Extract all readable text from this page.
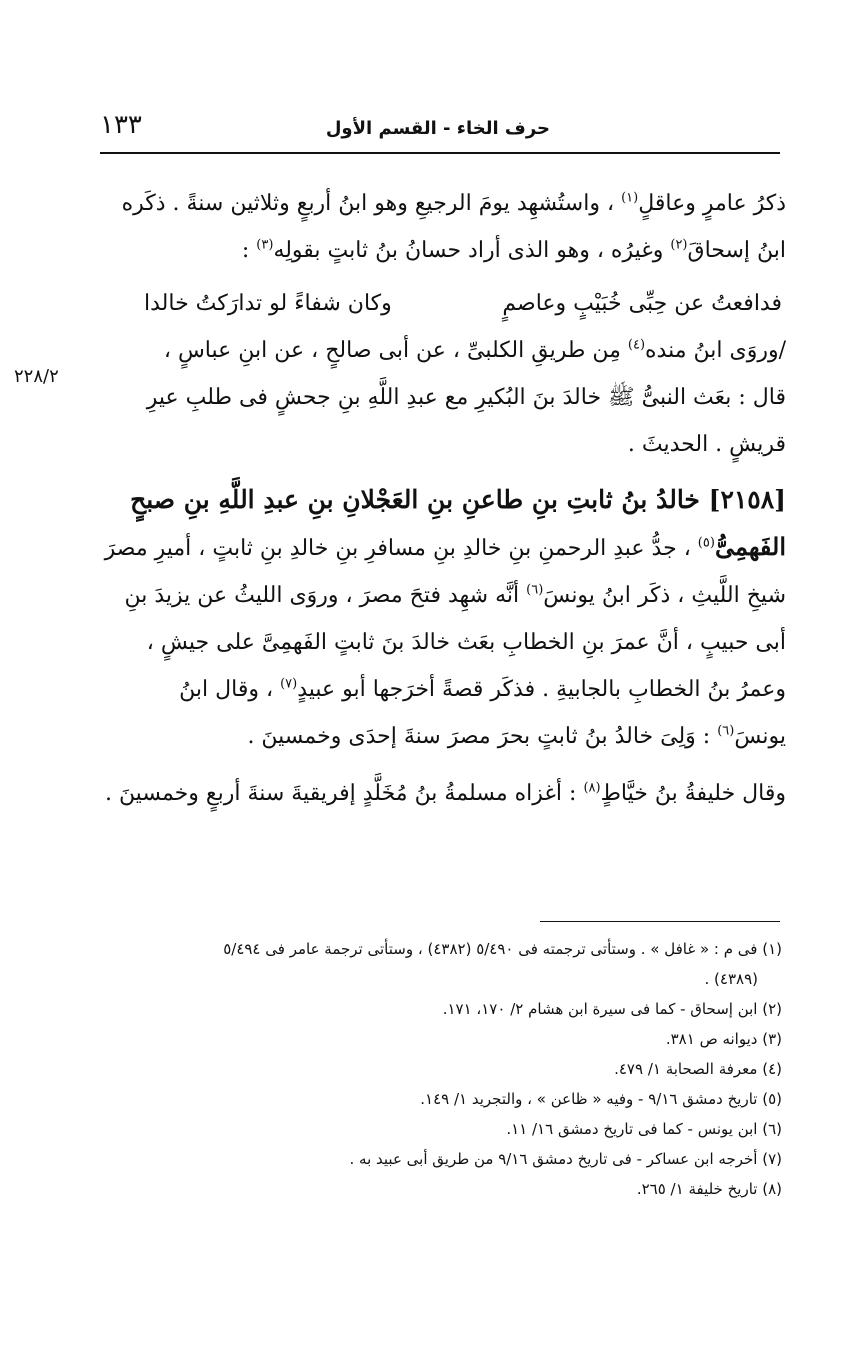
حرف الخاء - القسم الأول
١٣٣
٢٢٨/٢
ذكرُ عامرٍ وعاقلٍ$^{(١)}$ ، واستُشهِد يومَ الرجيعِ وهو ابنُ أربعٍ وثلاثين سنةً . ذكَره
ابنُ إسحاقَ$^{(٢)}$ وغيرُه ، وهو الذى أراد حسانُ بنُ ثابتٍ بقولِه$^{(٣)}$ :
فدافعتُ عن حِبِّى خُبَيْبٍ وعاصمٍ
وكان شفاءً لو تدارَكتُ خالدا
/وروَى ابنُ منده$^{(٤)}$ مِن طريقِ الكلبىِّ ، عن أبى صالحٍ ، عن ابنِ عباسٍ ،
قال : بعَث النبىُّ ﷺ خالدَ بنَ البُكيرِ مع عبدِ اللَّهِ بنِ جحشٍ فى طلبِ عيرِ
قريشٍ . الحديثَ .
[٢١٥٨] خالدُ بنُ ثابتِ بنِ طاعنِ بنِ العَجْلانِ بنِ عبدِ اللَّهِ بنِ صبحٍ
الفَهمِىُّ$^{(٥)}$ ، جدُّ عبدِ الرحمنِ بنِ خالدِ بنِ مسافرِ بنِ خالدِ بنِ ثابتٍ ، أميرِ مصرَ
شيخِ اللَّيثِ ، ذكَر ابنُ يونسَ$^{(٦)}$ أنَّه شهِد فتحَ مصرَ ، وروَى الليثُ عن يزيدَ بنِ
أبى حبيبٍ ، أنَّ عمرَ بنِ الخطابِ بعَث خالدَ بنَ ثابتٍ الفَهمِىَّ على جيشٍ ،
وعمرُ بنُ الخطابِ بالجابيةِ . فذكَر قصةً أخرَجها أبو عبيدٍ$^{(٧)}$ ، وقال ابنُ
يونسَ$^{(٦)}$ : وَلِىَ خالدُ بنُ ثابتٍ بحرَ مصرَ سنةَ إحدَى وخمسينَ .
وقال خليفةُ بنُ خيَّاطٍ$^{(٨)}$ : أغزاه مسلمةُ بنُ مُخَلَّدٍ إفريقيةَ سنةَ أربعٍ وخمسينَ .
(١) فى م : « غافل » . وستأتى ترجمته فى ٥/٤٩٠ (٤٣٨٢) ، وستأتى ترجمة عامر فى ٥/٤٩٤
(٤٣٨٩) .
(٢) ابن إسحاق - كما فى سيرة ابن هشام ٢/ ١٧٠، ١٧١.
(٣) ديوانه ص ٣٨١.
(٤) معرفة الصحابة ١/ ٤٧٩.
(٥) تاريخ دمشق ٩/١٦ - وفيه « ظاعن » ، والتجريد ١/ ١٤٩.
(٦) ابن يونس - كما فى تاريخ دمشق ١٦/ ١١.
(٧) أخرجه ابن عساكر - فى تاريخ دمشق ٩/١٦ من طريق أبى عبيد به .
(٨) تاريخ خليفة ١/ ٢٦٥.
